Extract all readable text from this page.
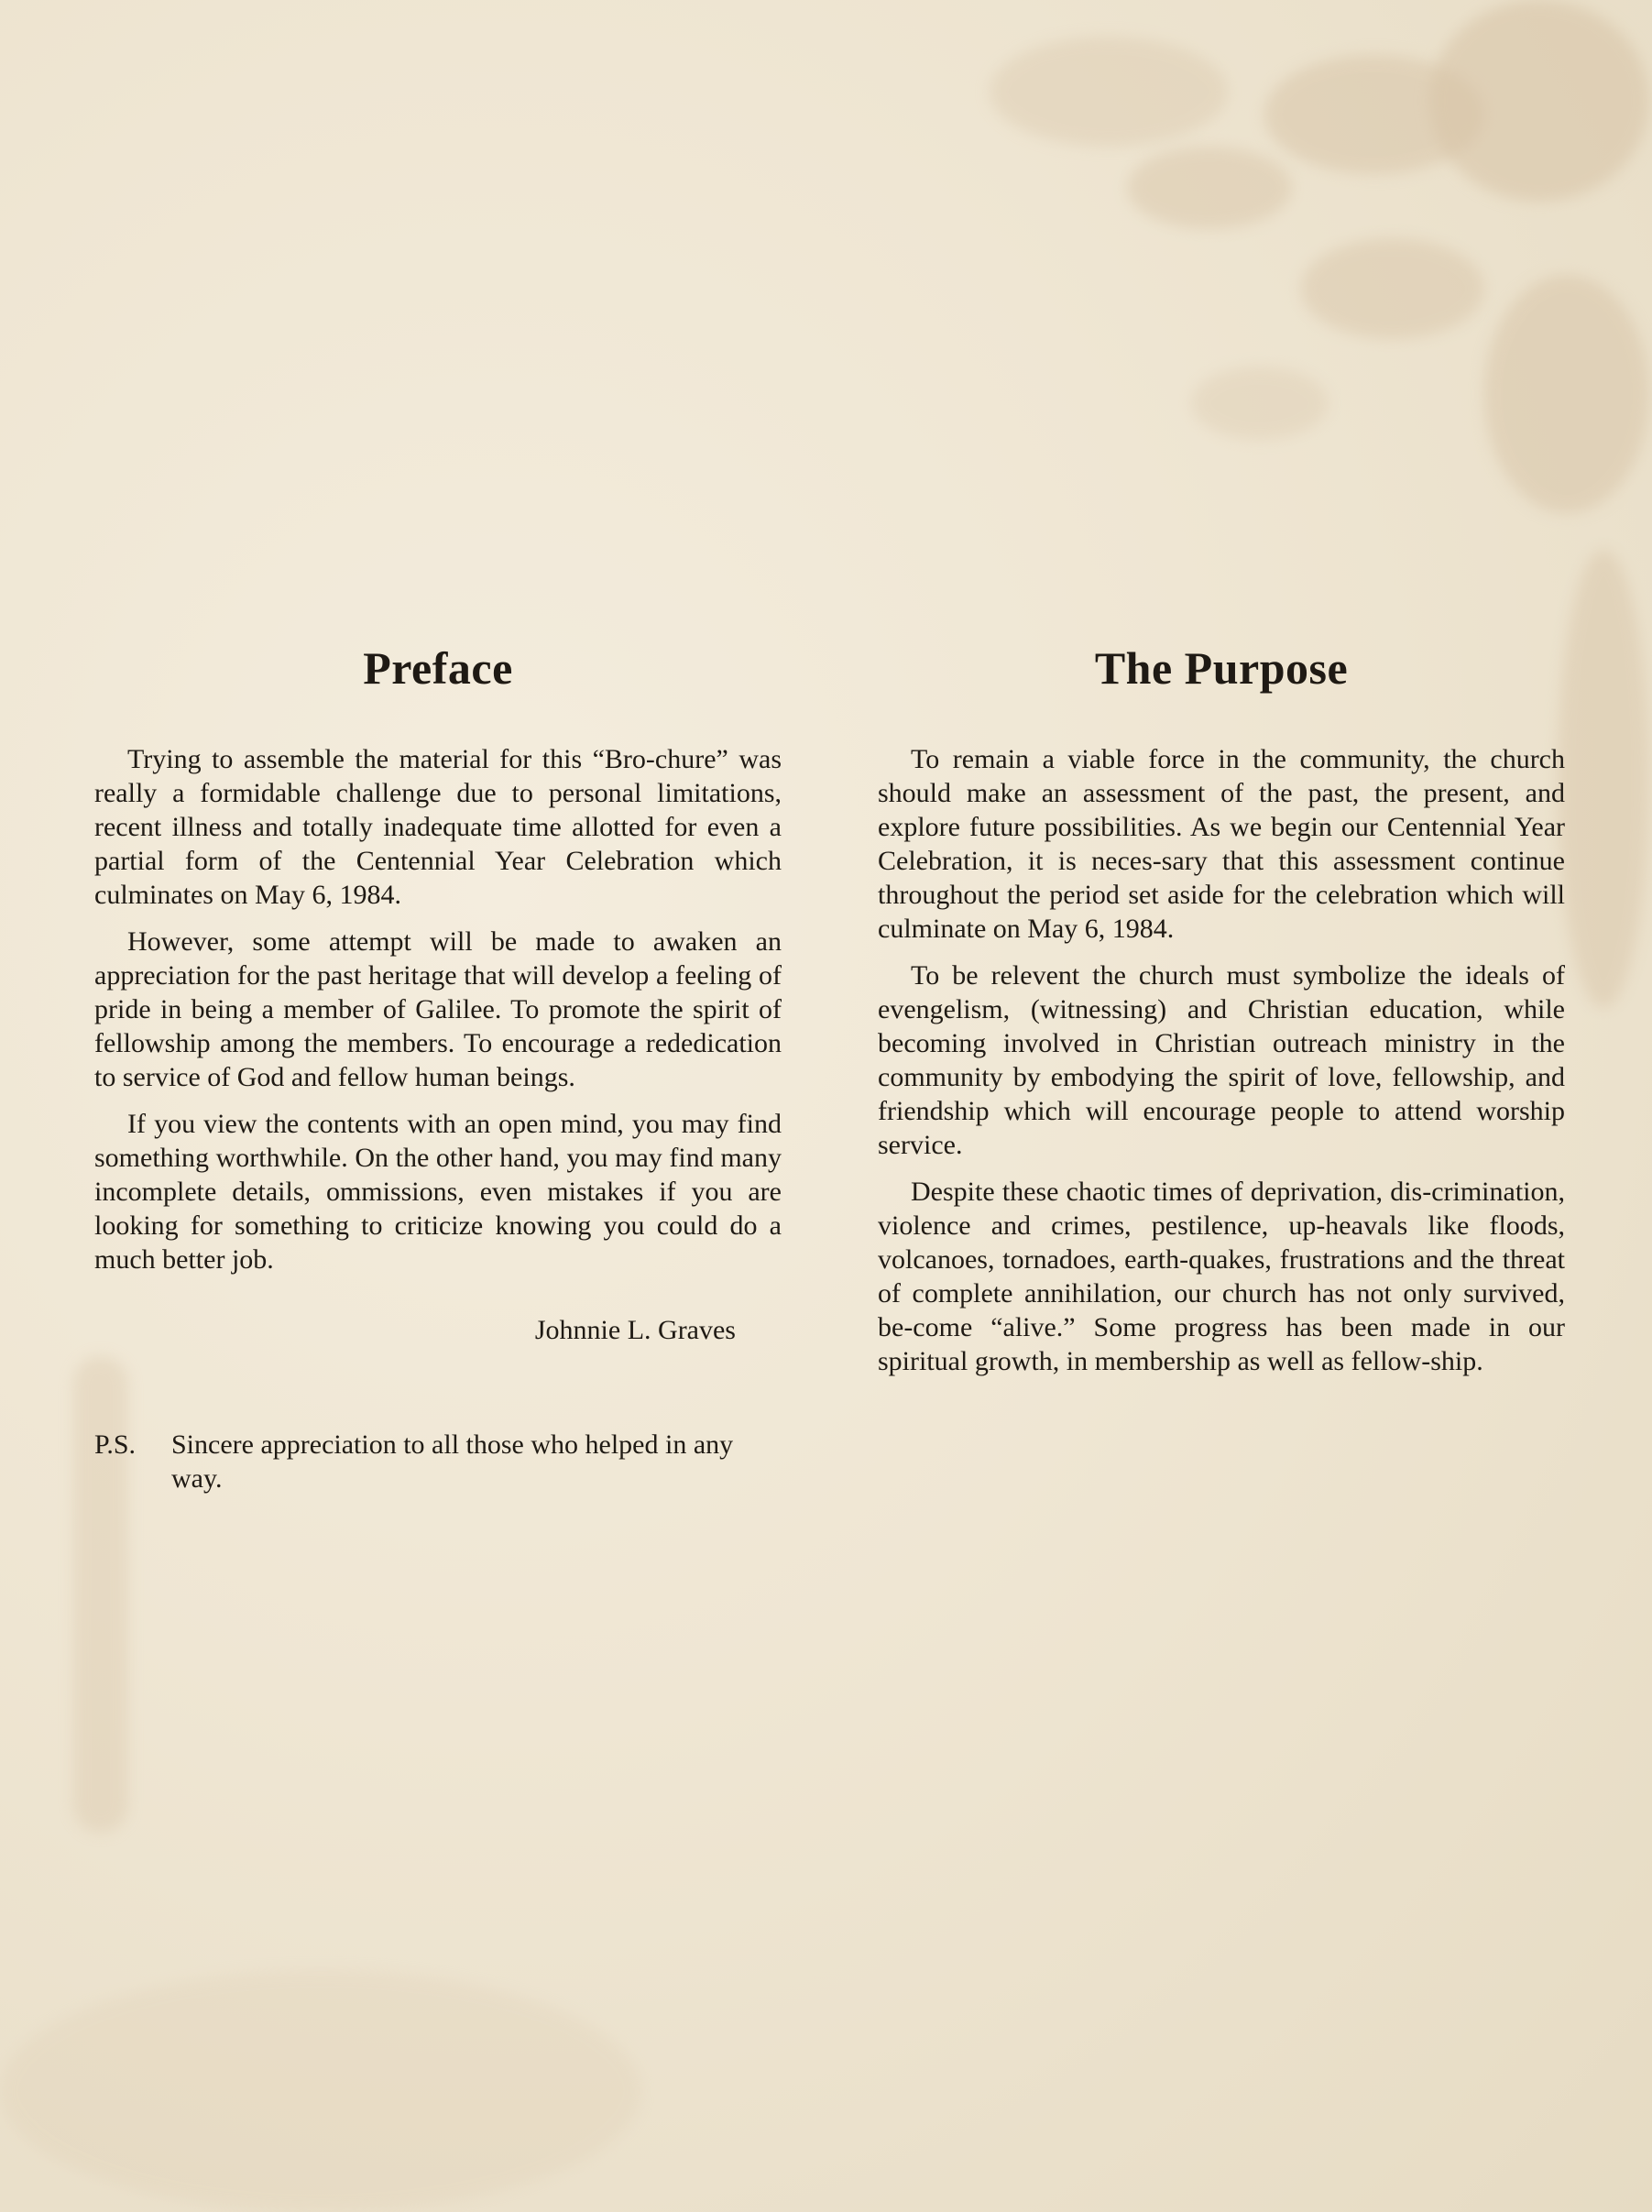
Preface

Trying to assemble the material for this “Bro-chure” was really a formidable challenge due to personal limitations, recent illness and totally inadequate time allotted for even a partial form of the Centennial Year Celebration which culminates on May 6, 1984.

However, some attempt will be made to awaken an appreciation for the past heritage that will develop a feeling of pride in being a member of Galilee. To promote the spirit of fellowship among the members. To encourage a rededication to service of God and fellow human beings.

If you view the contents with an open mind, you may find something worthwhile. On the other hand, you may find many incomplete details, ommissions, even mistakes if you are looking for something to criticize knowing you could do a much better job.

Johnnie L. Graves
P.S.	Sincere appreciation to all those who helped in any way.
The Purpose

To remain a viable force in the community, the church should make an assessment of the past, the present, and explore future possibilities. As we begin our Centennial Year Celebration, it is neces-sary that this assessment continue throughout the period set aside for the celebration which will culminate on May 6, 1984.

To be relevent the church must symbolize the ideals of evengelism, (witnessing) and Christian education, while becoming involved in Christian outreach ministry in the community by embodying the spirit of love, fellowship, and friendship which will encourage people to attend worship service.

Despite these chaotic times of deprivation, dis-crimination, violence and crimes, pestilence, up-heavals like floods, volcanoes, tornadoes, earth-quakes, frustrations and the threat of complete annihilation, our church has not only survived, be-come “alive.” Some progress has been made in our spiritual growth, in membership as well as fellow-ship.
